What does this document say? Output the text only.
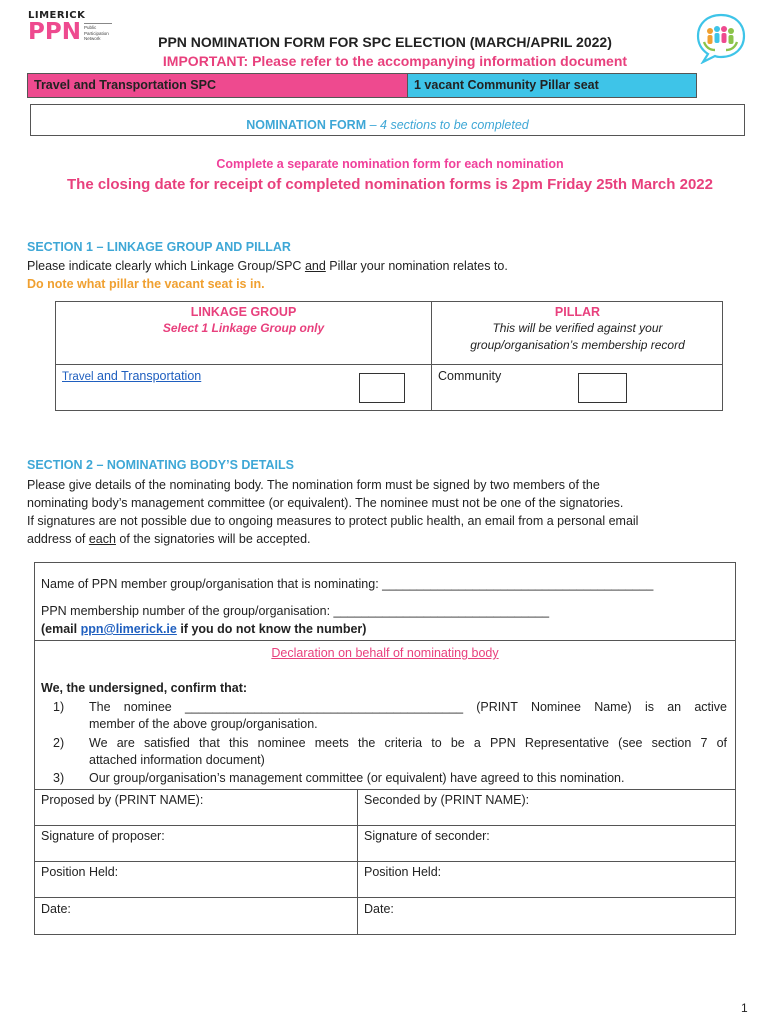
LIMERICK
PPN Public Participation Network	PPN NOMINATION FORM FOR SPC ELECTION (MARCH/APRIL 2022)
IMPORTANT: Please refer to the accompanying information document
Travel and Transportation SPC	1 vacant Community Pillar seat
NOMINATION FORM – 4 sections to be completed
Complete a separate nomination form for each nomination
The closing date for receipt of completed nomination forms is 2pm Friday 25th March 2022
SECTION 1 – LINKAGE GROUP AND PILLAR
Please indicate clearly which Linkage Group/SPC and Pillar your nomination relates to.
Do note what pillar the vacant seat is in.
LINKAGE GROUP
Select 1 Linkage Group only
PILLAR
This will be verified against your
group/organisation’s membership record
Travel and Transportation	Community
SECTION 2 – NOMINATING BODY’S DETAILS
Please give details of the nominating body. The nomination form must be signed by two members of the
nominating body’s management committee (or equivalent). The nominee must not be one of the signatories.
If signatures are not possible due to ongoing measures to protect public health, an email from a personal email
address of each of the signatories will be accepted.
Name of PPN member group/organisation that is nominating: _______________________________________
PPN membership number of the group/organisation: _______________________________
(email ppn@limerick.ie if you do not know the number)
Declaration on behalf of nominating body
We, the undersigned, confirm that:
1) The nominee ________________________________________ (PRINT Nominee Name) is an active
member of the above group/organisation.
2) We are satisfied that this nominee meets the criteria to be a PPN Representative (see section 7 of
attached information document)
3) Our group/organisation’s management committee (or equivalent) have agreed to this nomination.
Proposed by (PRINT NAME):	Seconded by (PRINT NAME):
Signature of proposer:	Signature of seconder:
Position Held:	Position Held:
Date:	Date:
1
